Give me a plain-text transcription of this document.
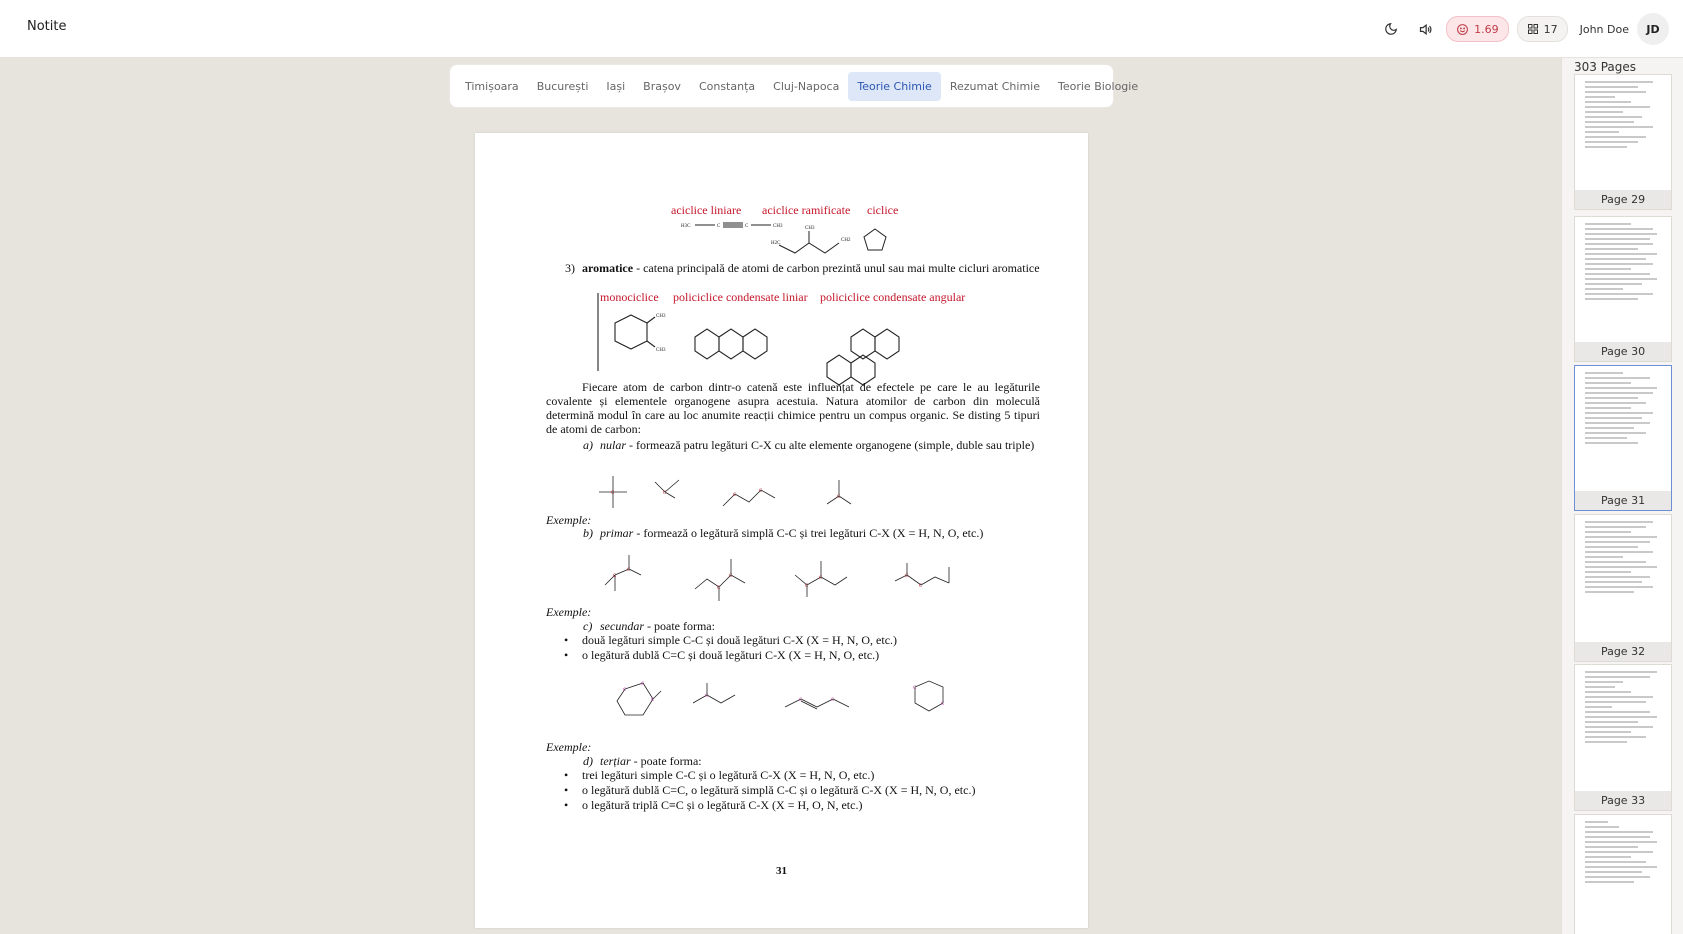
Notite	1.69	17 John Doe	JD
Timișoara	București	Iași	Brașov	Constanța	Cluj-Napoca	Teorie Chimie	Rezumat Chimie	Teorie Biologie
aciclice liniare aciclice ramificate ciclice
H3C	C	C	CH3	CH3
H2C
CH2
3) aromatice - catena principală de atomi de carbon prezintă unul sau mai multe cicluri aromatice
monociclice policiclice condensate liniar policiclice condensate angular
CH3
CH3
Fiecare atom de carbon dintr-o catenă este influențat de efectele pe care le au legăturile covalente și elementele organogene asupra acestuia. Natura atomilor de carbon din moleculă determină modul în care au loc anumite reacții chimice pentru un compus organic. Se disting 5 tipuri de atomi de carbon:
a) nular - formează patru legături C-X cu alte elemente organogene (simple, duble sau triple)
C	C	C
C
C
Exemple:
b) primar - formează o legătură simplă C-C și trei legături C-X (X = H, N, O, etc.)
C
C
C
C
C
C	C
C
Exemple:
c) secundar - poate forma:
• două legături simple C-C și două legături C-X (X = H, N, O, etc.)
• o legătură dublă C=C și două legături C-X (X = H, N, O, etc.)
C
C
C
C
C	C
C
C
Exemple:
d) terțiar - poate forma:
• trei legături simple C-C și o legătură C-X (X = H, N, O, etc.)
• o legătură dublă C=C, o legătură simplă C-C și o legătură C-X (X = H, N, O, etc.)
• o legătură triplă C≡C și o legătură C-X (X = H, O, N, etc.)
31
303 Pages
Page 29
Page 30
Page 31
Page 32
Page 33
